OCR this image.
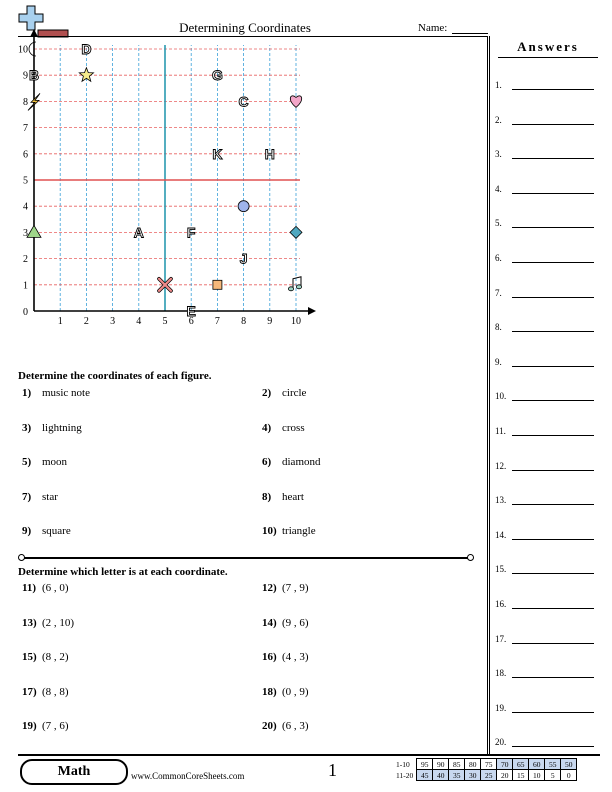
Determining Coordinates	Name:
Answers
1.
2.
3.
4.
5.
6.
7.
8.
9.
10.
11.
12.
13.
14.
15.
16.
17.
18.
19.
20.
1 2 3 4 5 6 7 8 9 10
0
1
2
3
4
5
6
7
8
9
10	D
B	G
C
K	H
A	F
J
E
Determine the coordinates of each figure.
1) music note	2) circle
3) lightning	4) cross
5) moon	6) diamond
7) star	8) heart
9) square	10) triangle
Determine which letter is at each coordinate.
11) (6 , 0)	12) (7 , 9)
13) (2 , 10)	14) (9 , 6)
15) (8 , 2)	16) (4 , 3)
17) (8 , 8)	18) (0 , 9)
19) (7 , 6)	20) (6 , 3)
Math	www.CommonCoreSheets.com	1	1-10	95	90	85	80	75	70	65	60	55	50
11-20	45	40	35	30	25	20	15	10	5	0
